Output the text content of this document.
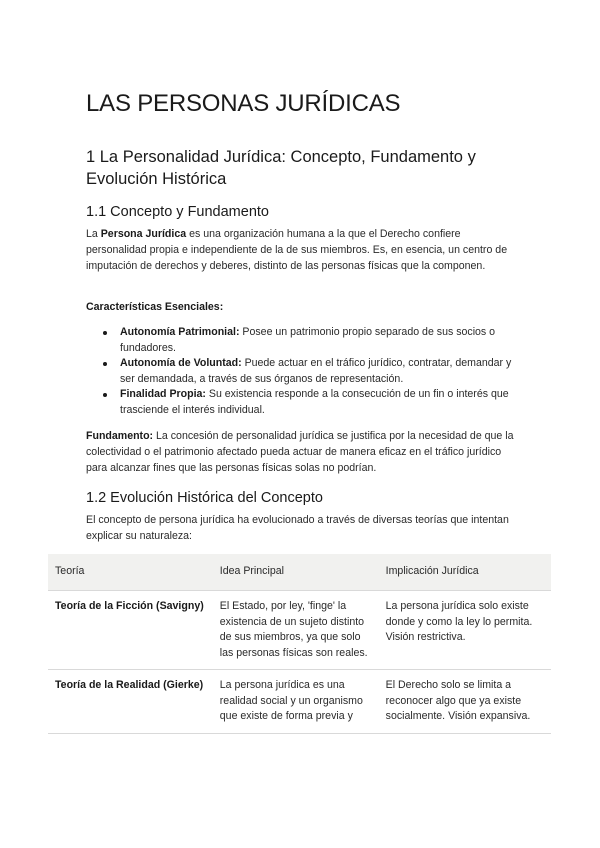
LAS PERSONAS JURÍDICAS
1 La Personalidad Jurídica: Concepto, Fundamento y Evolución Histórica
1.1 Concepto y Fundamento

La Persona Jurídica es una organización humana a la que el Derecho confiere personalidad propia e independiente de la de sus miembros. Es, en esencia, un centro de imputación de derechos y deberes, distinto de las personas físicas que la componen.

Características Esenciales:

Autonomía Patrimonial: Posee un patrimonio propio separado de sus socios o fundadores.
Autonomía de Voluntad: Puede actuar en el tráfico jurídico, contratar, demandar y ser demandada, a través de sus órganos de representación.
Finalidad Propia: Su existencia responde a la consecución de un fin o interés que trasciende el interés individual.

Fundamento: La concesión de personalidad jurídica se justifica por la necesidad de que la colectividad o el patrimonio afectado pueda actuar de manera eficaz en el tráfico jurídico para alcanzar fines que las personas físicas solas no podrían.

1.2 Evolución Histórica del Concepto

El concepto de persona jurídica ha evolucionado a través de diversas teorías que intentan explicar su naturaleza:

Teoría	Idea Principal	Implicación Jurídica
Teoría de la Ficción (Savigny)	El Estado, por ley, 'finge' la existencia de un sujeto distinto de sus miembros, ya que solo las personas físicas son reales.	La persona jurídica solo existe donde y como la ley lo permita. Visión restrictiva.
Teoría de la Realidad (Gierke)	La persona jurídica es una realidad social y un organismo que existe de forma previa y	El Derecho solo se limita a reconocer algo que ya existe socialmente. Visión expansiva.
